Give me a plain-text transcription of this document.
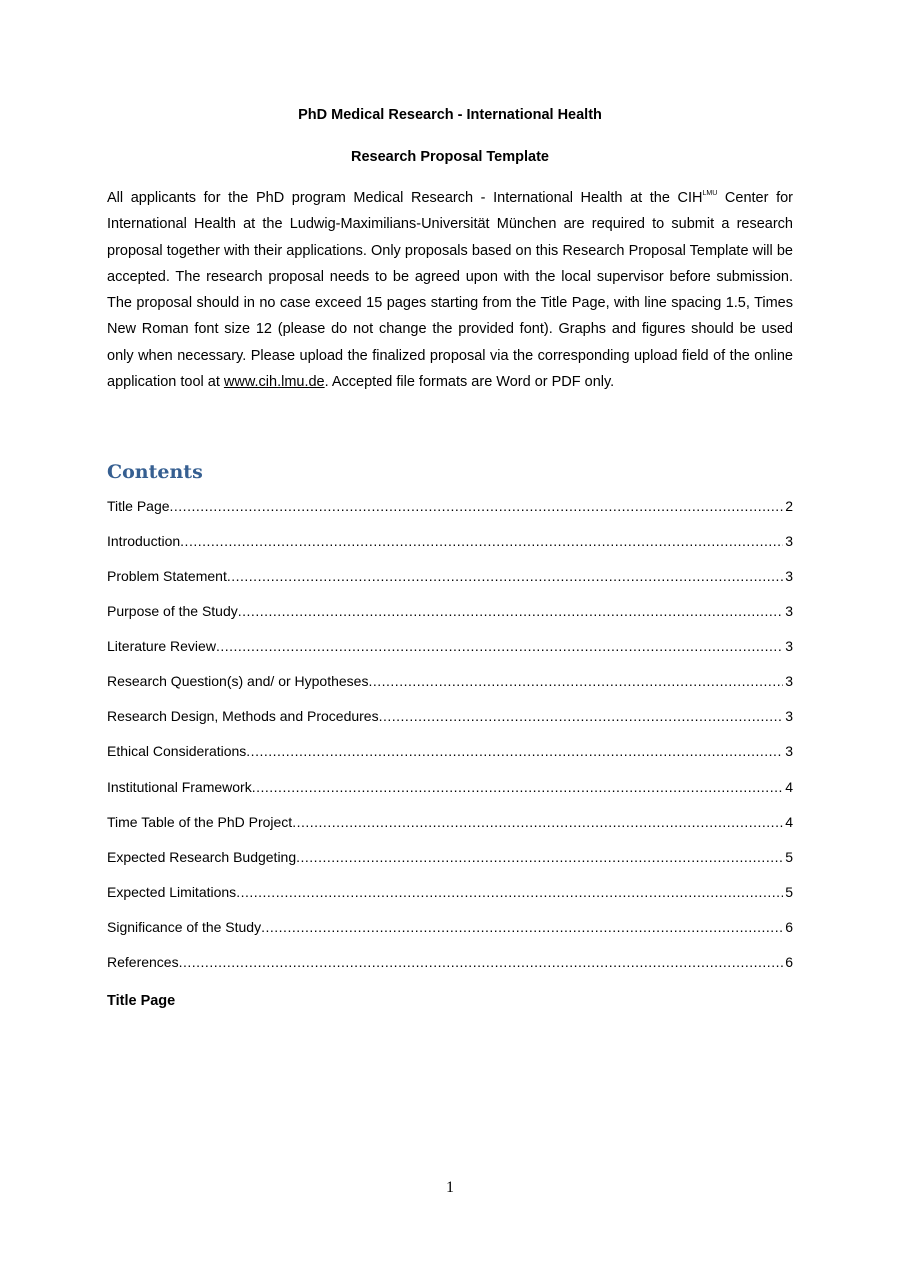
PhD Medical Research - International Health
Research Proposal Template

All applicants for the PhD program Medical Research - International Health at the $CIH^{LMU}$ Center for International Health at the Ludwig-Maximilians-Universität München are required to submit a research proposal together with their applications. Only proposals based on this Research Proposal Template will be accepted. The research proposal needs to be agreed upon with the local supervisor before submission. The proposal should in no case exceed 15 pages starting from the Title Page, with line spacing 1.5, Times New Roman font size 12 (please do not change the provided font). Graphs and figures should be used only when necessary. Please upload the finalized proposal via the corresponding upload field of the online application tool at www.cih.lmu.de. Accepted file formats are Word or PDF only.

Contents
Title Page .....	2
Introduction .....	3
Problem Statement .....	3
Purpose of the Study .....	3
Literature Review .....	3
Research Question(s) and/ or Hypotheses .....	3
Research Design, Methods and Procedures .....	3
Ethical Considerations .....	3
Institutional Framework .....	4
Time Table of the PhD Project .....	4
Expected Research Budgeting .....	5
Expected Limitations .....	5
Significance of the Study .....	6
References .....	6
Title Page
1
